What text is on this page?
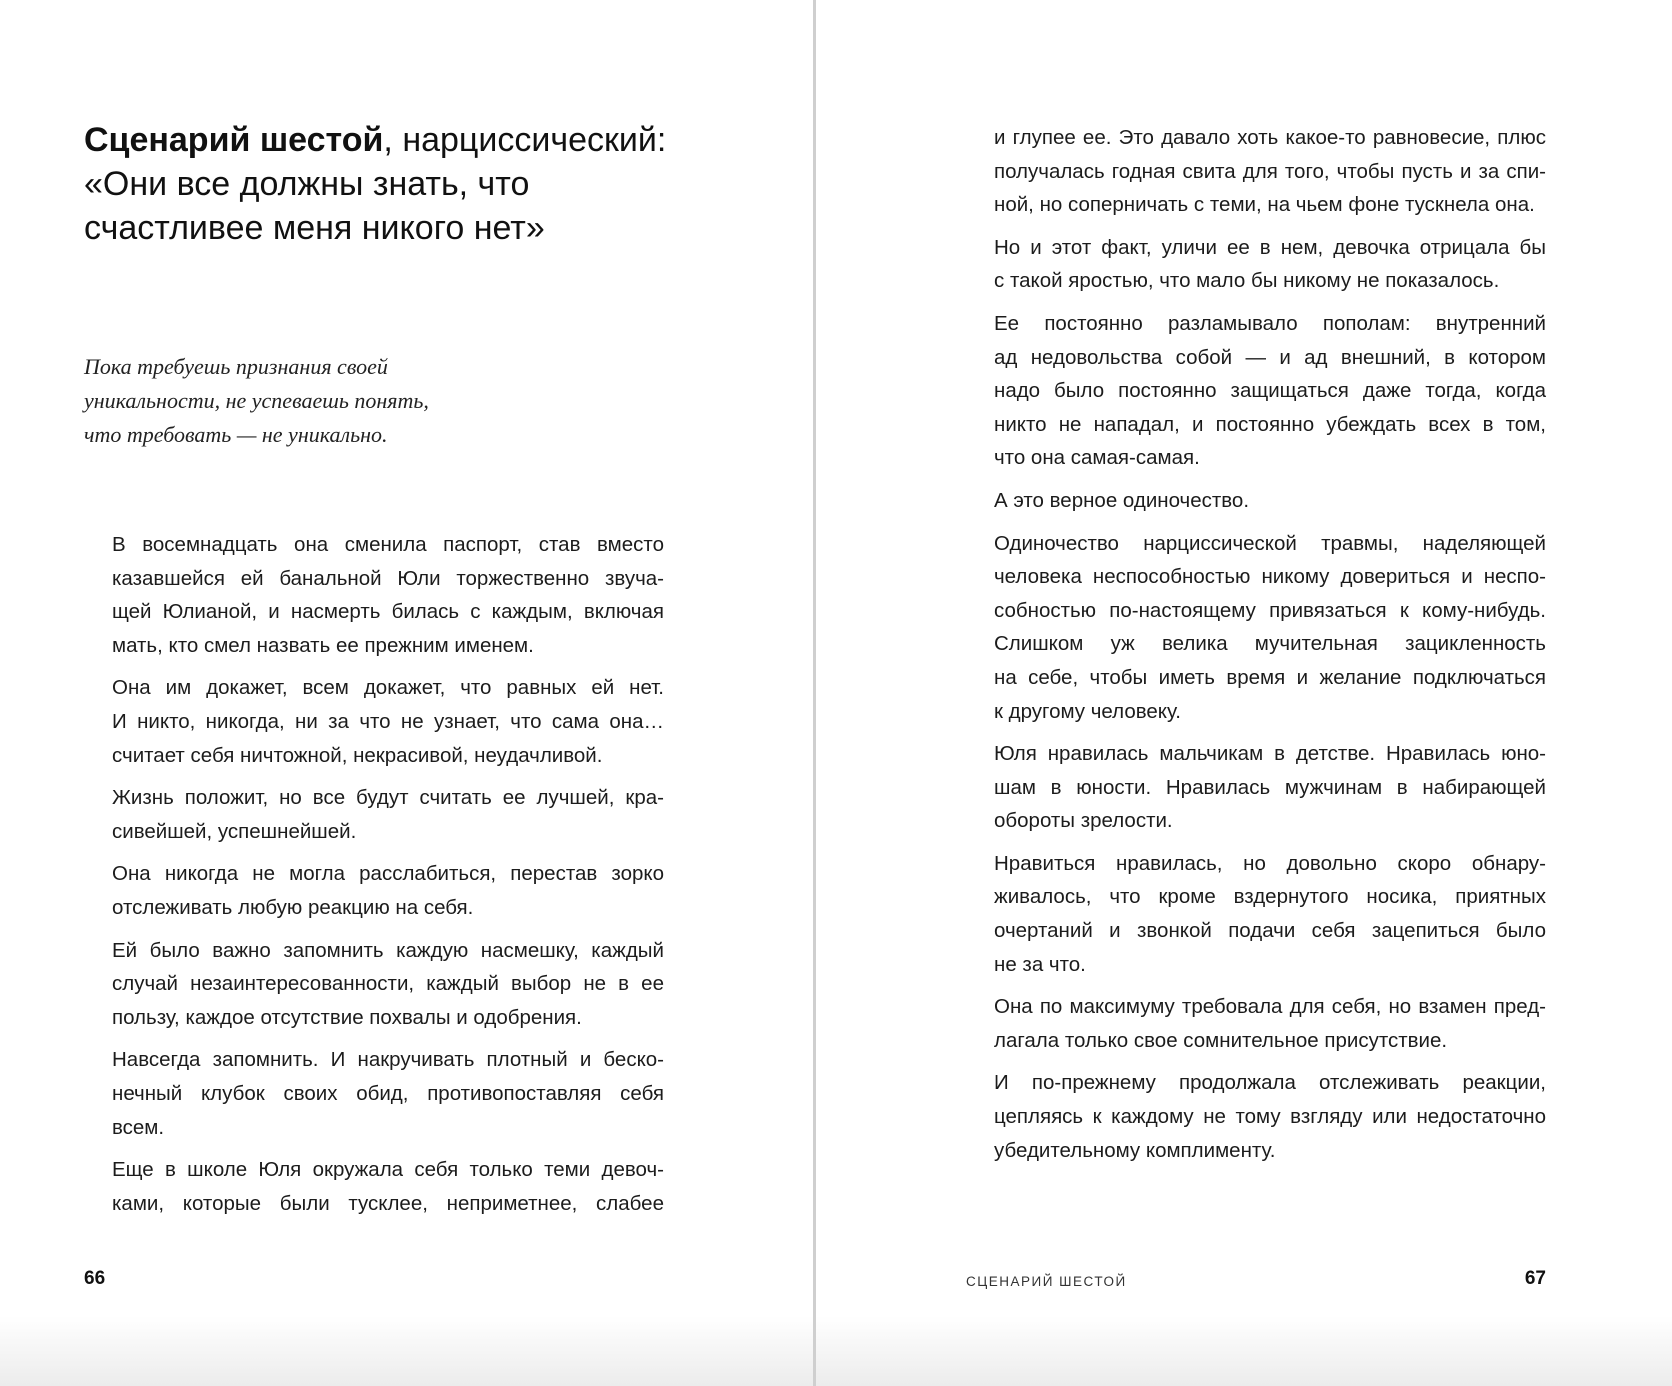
Сценарий шестой, нарциссический:
«Они все должны знать, что
счастливее меня никого нет»
Пока требуешь признания своей
уникальности, не успеваешь понять,
что требовать — не уникально.
В восемнадцать она сменила паспорт, став вместо
казавшейся ей банальной Юли торжественно звуча-
щей Юлианой, и насмерть билась с каждым, включая
мать, кто смел назвать ее прежним именем.
Она им докажет, всем докажет, что равных ей нет.
И никто, никогда, ни за что не узнает, что сама она…
считает себя ничтожной, некрасивой, неудачливой.
Жизнь положит, но все будут считать ее лучшей, кра-
сивейшей, успешнейшей.
Она никогда не могла расслабиться, перестав зорко
отслеживать любую реакцию на себя.
Ей было важно запомнить каждую насмешку, каждый
случай незаинтересованности, каждый выбор не в ее
пользу, каждое отсутствие похвалы и одобрения.
Навсегда запомнить. И накручивать плотный и беско-
нечный клубок своих обид, противопоставляя себя
всем.
Еще в школе Юля окружала себя только теми девоч-
ками, которые были тусклее, неприметнее, слабее
и глупее ее. Это давало хоть какое-то равновесие, плюс
получалась годная свита для того, чтобы пусть и за спи-
ной, но соперничать с теми, на чьем фоне тускнела она.
Но и этот факт, уличи ее в нем, девочка отрицала бы
с такой яростью, что мало бы никому не показалось.
Ее постоянно разламывало пополам: внутренний
ад недовольства собой — и ад внешний, в котором
надо было постоянно защищаться даже тогда, когда
никто не нападал, и постоянно убеждать всех в том,
что она самая-самая.
А это верное одиночество.
Одиночество нарциссической травмы, наделяющей
человека неспособностью никому довериться и неспо-
собностью по-настоящему привязаться к кому-нибудь.
Слишком уж велика мучительная зацикленность
на себе, чтобы иметь время и желание подключаться
к другому человеку.
Юля нравилась мальчикам в детстве. Нравилась юно-
шам в юности. Нравилась мужчинам в набирающей
обороты зрелости.
Нравиться нравилась, но довольно скоро обнару-
живалось, что кроме вздернутого носика, приятных
очертаний и звонкой подачи себя зацепиться было
не за что.
Она по максимуму требовала для себя, но взамен пред-
лагала только свое сомнительное присутствие.
И по-прежнему продолжала отслеживать реакции,
цепляясь к каждому не тому взгляду или недостаточно
убедительному комплименту.
66	СЦЕНАРИЙ ШЕСТОЙ	67
